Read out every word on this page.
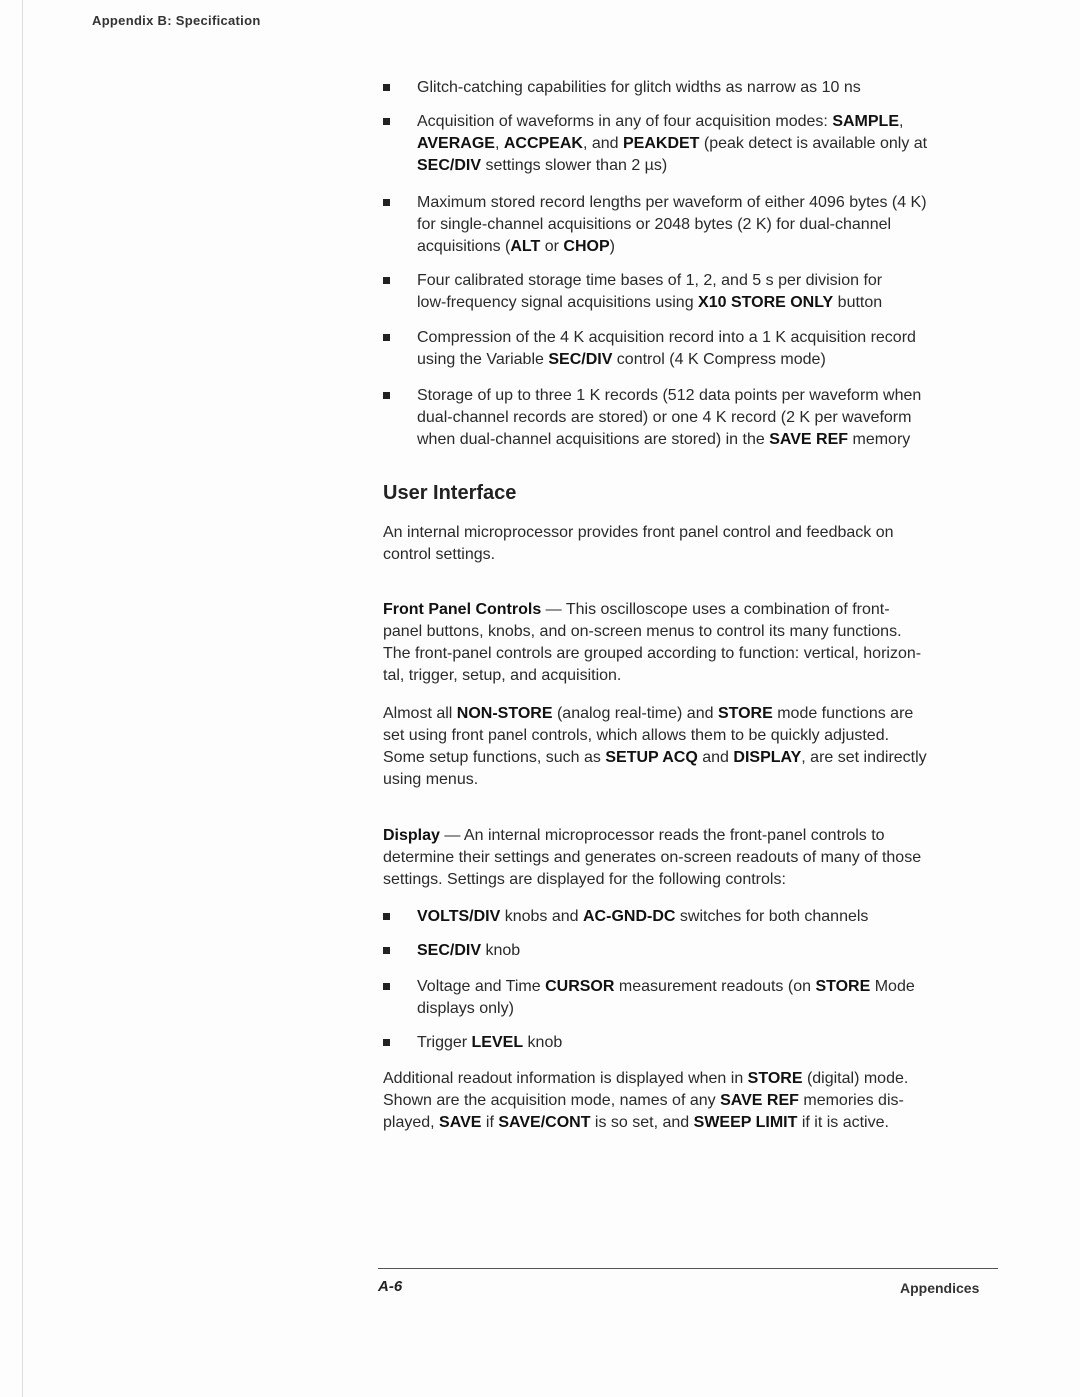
Appendix B: Specification
User Interface
An internal microprocessor provides front panel control and feedback on
control settings.
Front Panel Controls — This oscilloscope uses a combination of front-
panel buttons, knobs, and on-screen menus to control its many functions.
The front-panel controls are grouped according to function: vertical, horizon-
tal, trigger, setup, and acquisition.
Almost all NON-STORE (analog real-time) and STORE mode functions are
set using front panel controls, which allows them to be quickly adjusted.
Some setup functions, such as SETUP ACQ and DISPLAY, are set indirectly
using menus.
Display — An internal microprocessor reads the front-panel controls to
determine their settings and generates on-screen readouts of many of those
settings. Settings are displayed for the following controls:
Additional readout information is displayed when in STORE (digital) mode.
Shown are the acquisition mode, names of any SAVE REF memories dis-
played, SAVE if SAVE/CONT is so set, and SWEEP LIMIT if it is active.
A-6	Appendices
Glitch-catching capabilities for glitch widths as narrow as 10 ns
Acquisition of waveforms in any of four acquisition modes: SAMPLE,
AVERAGE, ACCPEAK, and PEAKDET (peak detect is available only at
SEC/DIV settings slower than 2 µs)
Maximum stored record lengths per waveform of either 4096 bytes (4 K)
for single-channel acquisitions or 2048 bytes (2 K) for dual-channel
acquisitions (ALT or CHOP)
Four calibrated storage time bases of 1, 2, and 5 s per division for
low-frequency signal acquisitions using X10 STORE ONLY button
Compression of the 4 K acquisition record into a 1 K acquisition record
using the Variable SEC/DIV control (4 K Compress mode)
Storage of up to three 1 K records (512 data points per waveform when
dual-channel records are stored) or one 4 K record (2 K per waveform
when dual-channel acquisitions are stored) in the SAVE REF memory
VOLTS/DIV knobs and AC-GND-DC switches for both channels
SEC/DIV knob
Voltage and Time CURSOR measurement readouts (on STORE Mode
displays only)
Trigger LEVEL knob
